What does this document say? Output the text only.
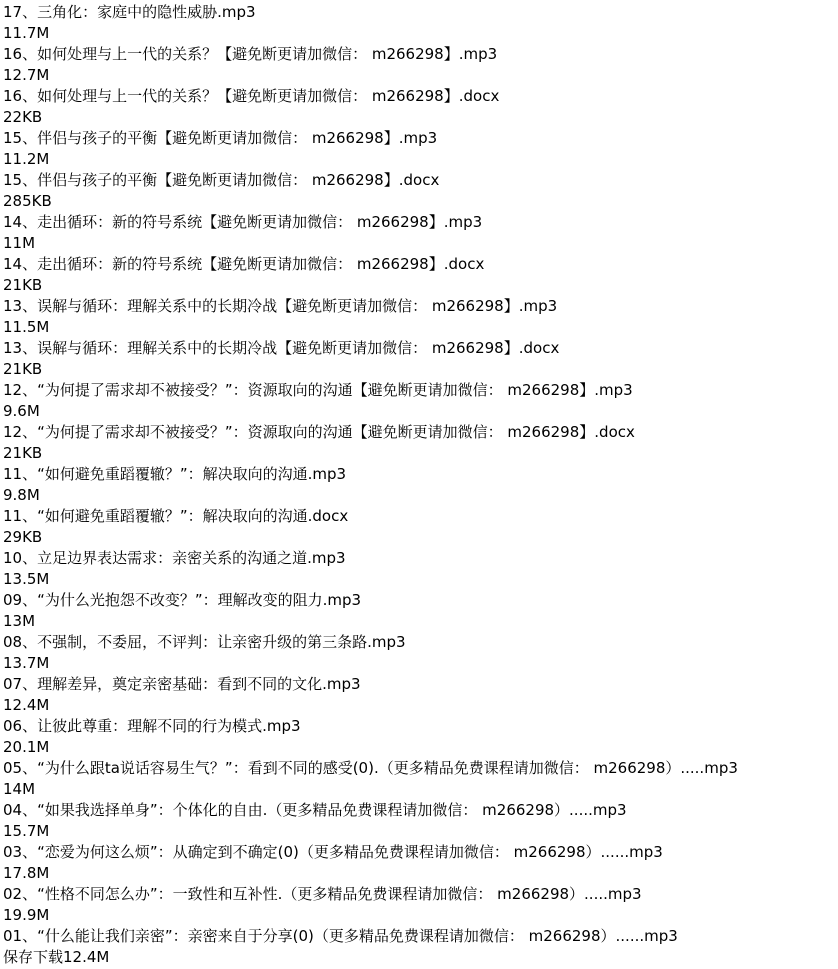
17、三角化：家庭中的隐性威胁.mp3
11.7M
16、如何处理与上一代的关系？【避免断更请加微信： m266298】.mp3
12.7M
16、如何处理与上一代的关系？【避免断更请加微信： m266298】.docx
22KB
15、伴侣与孩子的平衡【避免断更请加微信： m266298】.mp3
11.2M
15、伴侣与孩子的平衡【避免断更请加微信： m266298】.docx
285KB
14、走出循环：新的符号系统【避免断更请加微信： m266298】.mp3
11M
14、走出循环：新的符号系统【避免断更请加微信： m266298】.docx
21KB
13、误解与循环：理解关系中的长期冷战【避免断更请加微信： m266298】.mp3
11.5M
13、误解与循环：理解关系中的长期冷战【避免断更请加微信： m266298】.docx
21KB
12、“为何提了需求却不被接受？”：资源取向的沟通【避免断更请加微信： m266298】.mp3
9.6M
12、“为何提了需求却不被接受？”：资源取向的沟通【避免断更请加微信： m266298】.docx
21KB
11、“如何避免重蹈覆辙？”：解决取向的沟通.mp3
9.8M
11、“如何避免重蹈覆辙？”：解决取向的沟通.docx
29KB
10、立足边界表达需求：亲密关系的沟通之道.mp3
13.5M
09、“为什么光抱怨不改变？”：理解改变的阻力.mp3
13M
08、不强制，不委屈，不评判：让亲密升级的第三条路.mp3
13.7M
07、理解差异，奠定亲密基础：看到不同的文化.mp3
12.4M
06、让彼此尊重：理解不同的行为模式.mp3
20.1M
05、“为什么跟ta说话容易生气？”：看到不同的感受(0).（更多精品免费课程请加微信： m266298）.....mp3
14M
04、“如果我选择单身”：个体化的自由.（更多精品免费课程请加微信： m266298）.....mp3
15.7M
03、“恋爱为何这么烦”：从确定到不确定(0)（更多精品免费课程请加微信： m266298）......mp3
17.8M
02、“性格不同怎么办”：一致性和互补性.（更多精品免费课程请加微信： m266298）.....mp3
19.9M
01、“什么能让我们亲密”：亲密来自于分享(0)（更多精品免费课程请加微信： m266298）......mp3
保存下载12.4M
